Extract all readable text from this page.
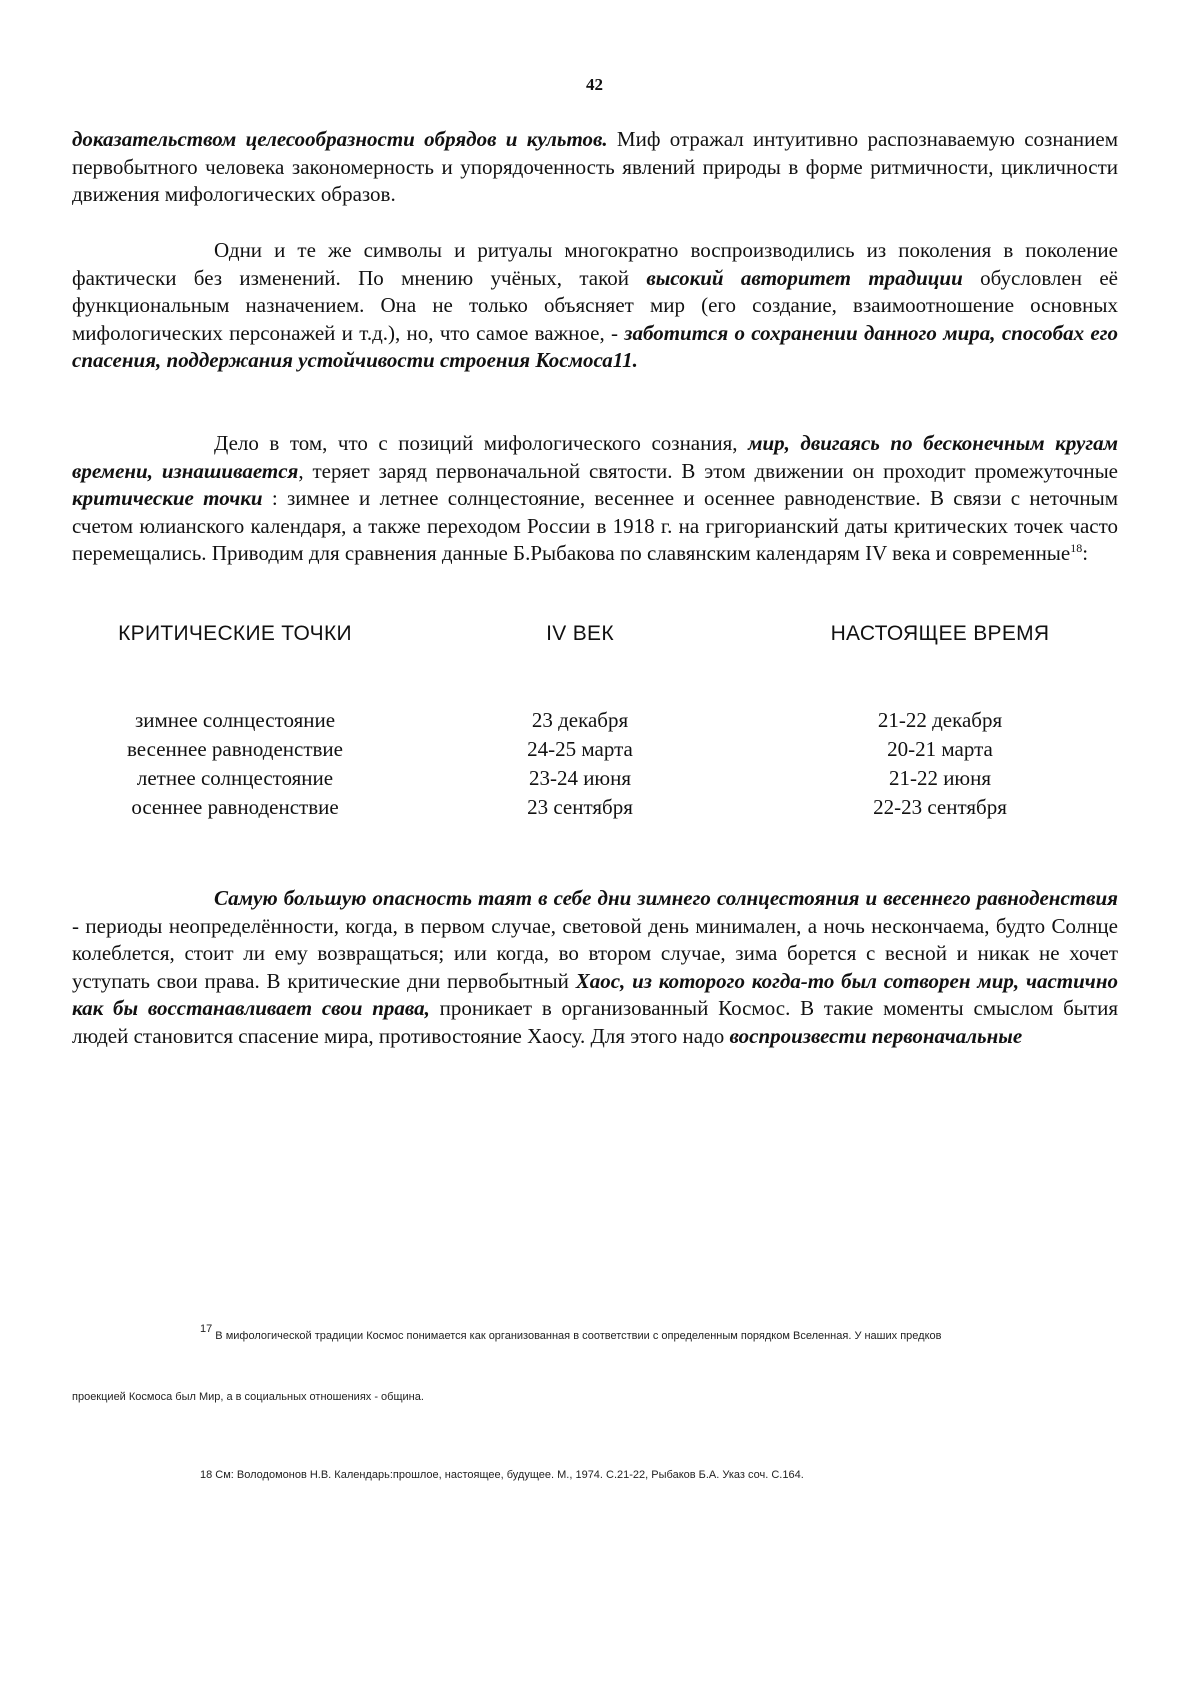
42

доказательством целесообразности обрядов и культов. Миф отражал интуитивно распознаваемую сознанием первобытного человека закономерность и упорядоченность явлений природы в форме ритмичности, цикличности движения мифологических образов.

Одни и те же символы и ритуалы многократно воспроизводились из поколения в поколение фактически без изменений. По мнению учёных, такой высокий авторитет традиции обусловлен её функциональным назначением. Она не только объясняет мир (его создание, взаимоотношение основных мифологических персонажей и т.д.), но, что самое важное, - заботится о сохранении данного мира, способах его спасения, поддержания устойчивости строения Космоса11.

Дело в том, что с позиций мифологического сознания, мир, двигаясь по бесконечным кругам времени, изнашивается, теряет заряд первоначальной святости. В этом движении он проходит промежуточные критические точки : зимнее и летнее солнцестояние, весеннее и осеннее равноденствие. В связи с неточным счетом юлианского календаря, а также переходом России в 1918 г. на григорианский даты критических точек часто перемещались. Приводим для сравнения данные Б.Рыбакова по славянским календарям IV века и современные$^{18}$:

КРИТИЧЕСКИЕ ТОЧКИ	IV ВЕК	НАСТОЯЩЕЕ ВРЕМЯ
зимнее солнцестояние	23 декабря	21-22 декабря
весеннее равноденствие	24-25 марта	20-21 марта
летнее солнцестояние	23-24 июня	21-22 июня
осеннее равноденствие	23 сентября	22-23 сентября

Самую большую опасность таят в себе дни зимнего солнцестояния и весеннего равноденствия - периоды неопределённости, когда, в первом случае, световой день минимален, а ночь нескончаема, будто Солнце колеблется, стоит ли ему возвращаться; или когда, во втором случае, зима борется с весной и никак не хочет уступать свои права. В критические дни первобытный Хаос, из которого когда-то был сотворен мир, частично как бы восстанавливает свои права, проникает в организованный Космос. В такие моменты смыслом бытия людей становится спасение мира, противостояние Хаосу. Для этого надо воспроизвести первоначальные

$^{17}$ В мифологической традиции Космос понимается как организованная в соответствии с определенным порядком Вселенная. У наших предков

проекцией Космоса был Мир, а в социальных отношениях - община.

18 См: Володомонов Н.В. Календарь:прошлое, настоящее, будущее. М., 1974. С.21-22, Рыбаков Б.А. Указ соч. С.164.
